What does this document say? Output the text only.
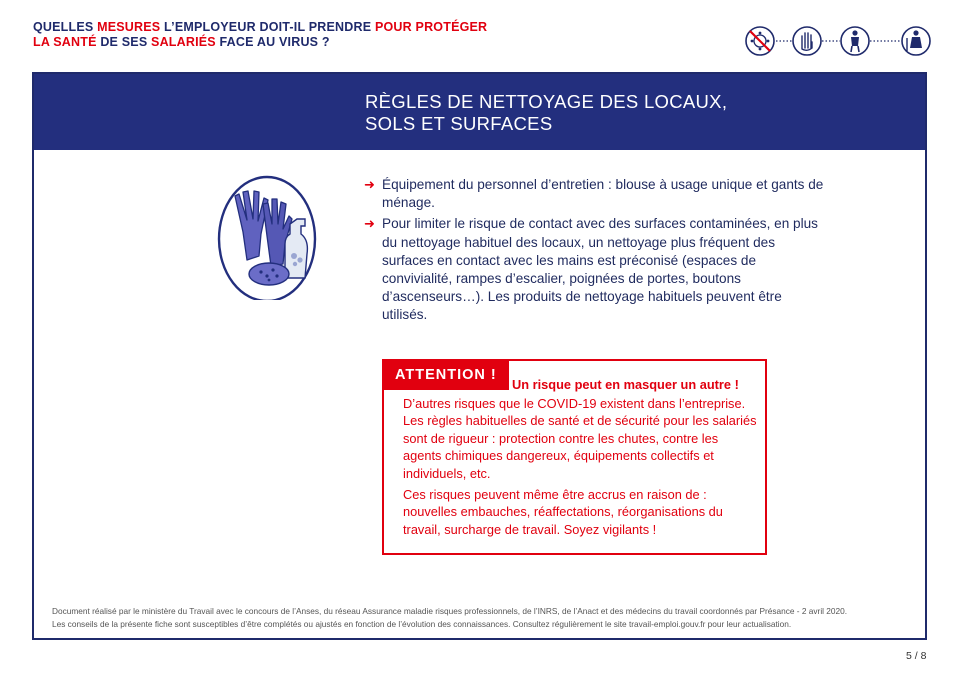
QUELLES MESURES L’EMPLOYEUR DOIT-IL PRENDRE POUR PROTÉGER
LA SANTÉ DE SES SALARIÉS FACE AU VIRUS ?
RÈGLES DE NETTOYAGE DES LOCAUX,
SOLS ET SURFACES
➜ Équipement du personnel d’entretien : blouse à usage unique et gants de ménage.
➜ Pour limiter le risque de contact avec des surfaces contaminées, en plus du nettoyage habituel des locaux, un nettoyage plus fréquent des surfaces en contact avec les mains est préconisé (espaces de convivialité, rampes d’escalier, poignées de portes, boutons d’ascenseurs…). Les produits de nettoyage habituels peuvent être utilisés.
ATTENTION !
Un risque peut en masquer un autre !

D’autres risques que le COVID-19 existent dans l’entreprise. Les règles habituelles de santé et de sécurité pour les salariés sont de rigueur : protection contre les chutes, contre les agents chimiques dangereux, équipements collectifs et individuels, etc.

Ces risques peuvent même être accrus en raison de : nouvelles embauches, réaffectations, réorganisations du travail, surcharge de travail. Soyez vigilants !

Document réalisé par le ministère du Travail avec le concours de l’Anses, du réseau Assurance maladie risques professionnels, de l’INRS, de l’Anact et des médecins du travail coordonnés par Présance - 2 avril 2020.
Les conseils de la présente fiche sont susceptibles d’être complétés ou ajustés en fonction de l’évolution des connaissances. Consultez régulièrement le site travail-emploi.gouv.fr pour leur actualisation.
5 / 8
